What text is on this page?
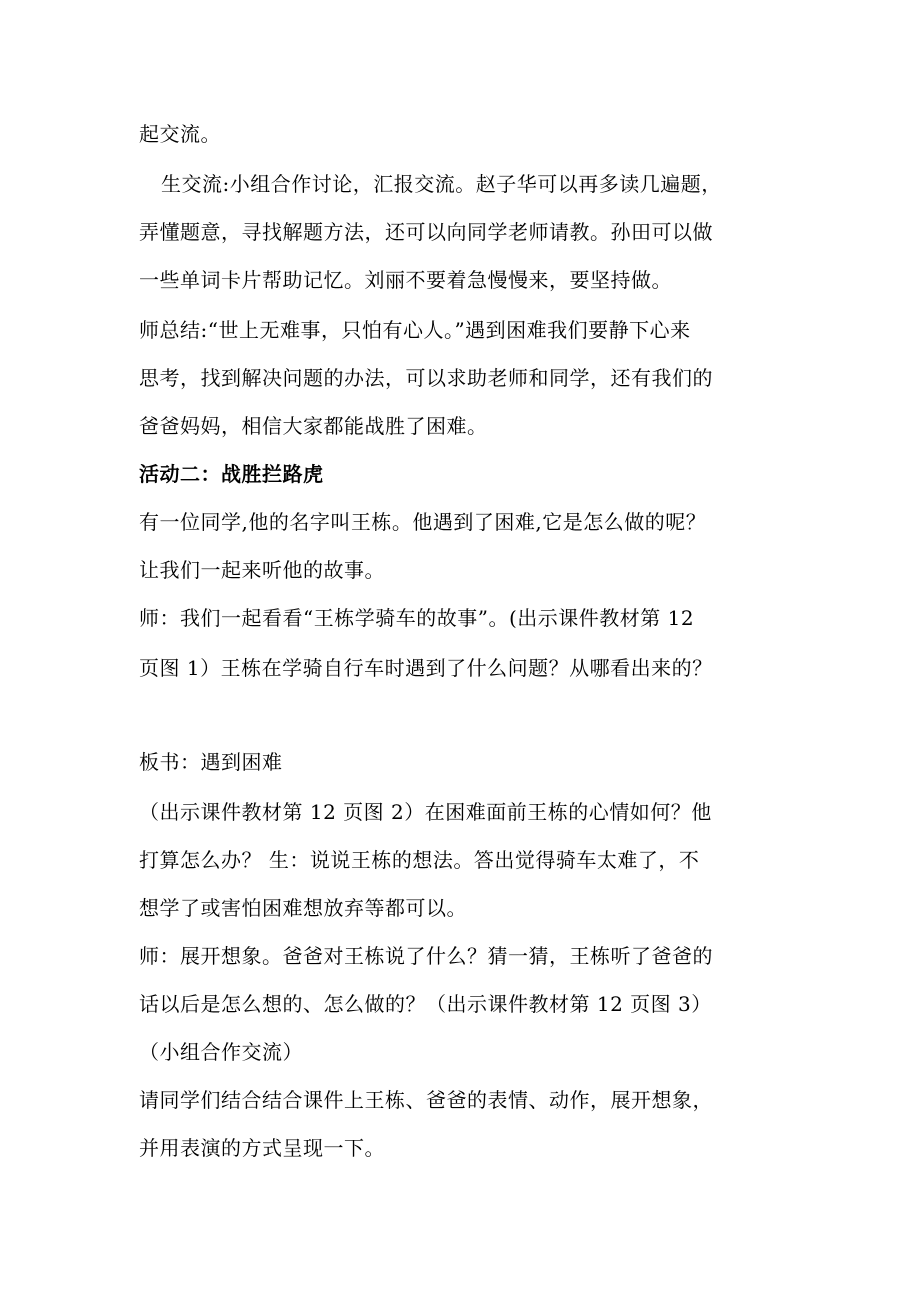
起交流。
生交流:小组合作讨论，汇报交流。赵子华可以再多读几遍题，
弄懂题意，寻找解题方法，还可以向同学老师请教。孙田可以做
一些单词卡片帮助记忆。刘丽不要着急慢慢来，要坚持做。
师总结:“世上无难事，只怕有心人。”遇到困难我们要静下心来
思考，找到解决问题的办法，可以求助老师和同学，还有我们的
爸爸妈妈，相信大家都能战胜了困难。
活动二：战胜拦路虎
有一位同学,他的名字叫王栋。他遇到了困难,它是怎么做的呢？
让我们一起来听他的故事。
师：我们一起看看“王栋学骑车的故事”。(出示课件教材第 12
页图 1）王栋在学骑自行车时遇到了什么问题？从哪看出来的？
板书：遇到困难
（出示课件教材第 12 页图 2）在困难面前王栋的心情如何？他
打算怎么办？ 生：说说王栋的想法。答出觉得骑车太难了，不
想学了或害怕困难想放弃等都可以。
师：展开想象。爸爸对王栋说了什么？猜一猜，王栋听了爸爸的
话以后是怎么想的、怎么做的？（出示课件教材第 12 页图 3）
（小组合作交流）
请同学们结合结合课件上王栋、爸爸的表情、动作，展开想象，
并用表演的方式呈现一下。
